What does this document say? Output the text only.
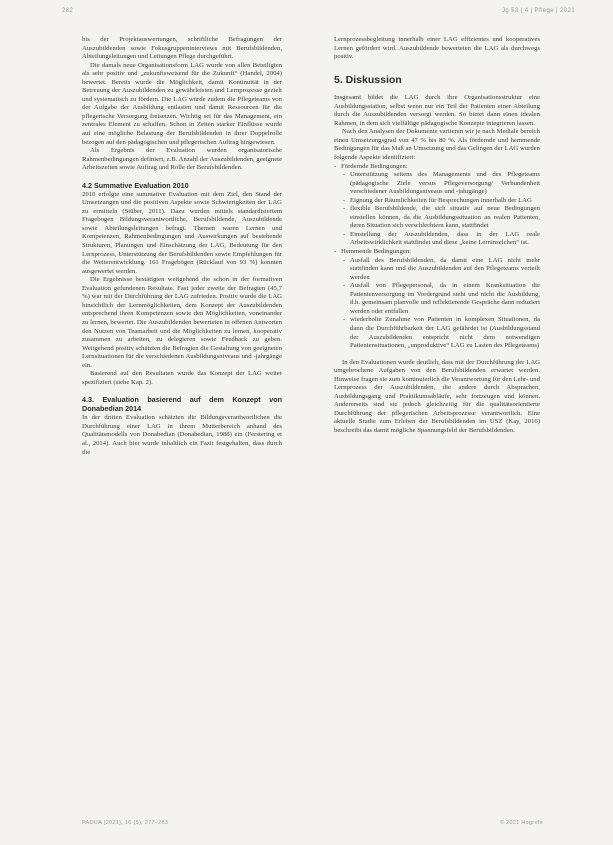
282	Jg 53 | 4 | Pflege | 2021

bis der Projektauswertungen, schriftliche Befragungen der Auszubildenden sowie Fokusgruppeninterviews mit Berufsbildenden, Abteilungsleitungen und Leitungen Pflege durchgeführt.

Die damals neue Organisationsform LAG wurde von allen Beteiligten als sehr positiv und „zukunftsweisend für die Zukunft“ (Handel, 2004) bewertet. Bereits wurde die Möglichkeit, damit Kontinuität in der Betreuung der Auszubildenden zu gewährleisten und Lernprozesse gezielt und systematisch zu fördern. Die LAG würde zudem die Pflegeteams von der Aufgabe der Ausbildung entlasten und damit Ressourcen für die pflegerische Versorgung freisetzen. Wichtig sei für das Management, ein zentrales Element zu schaffen. Schon in Zeiten starker Einflüsse wurde auf eine mögliche Belastung der Berufsbildenden in ihrer Doppelrolle bezogen auf den pädagogischen und pflegerischen Auftrag hingewiesen.

Als Ergebnis der Evaluation wurden organisatorische Rahmenbedingungen definiert, z.B. Anzahl der Auszubildenden, geeignete Arbeitszeiten sowie Auftrag und Rolle der Berufsbildenden.

4.2 Summative Evaluation 2010

2010 erfolgte eine summative Evaluation mit dem Ziel, den Stand der Umsetzungen und die positiven Aspekte sowie Schwierigkeiten der LAG zu ermitteln (Stüber, 2011). Dazu wurden mittels standardisiertem Fragebogen Bildungsverantwortliche, Berufsbildende, Auszubildende sowie Abteilungsleitungen befragt. Themen waren Lernen und Kompetenzen, Rahmenbedingungen und Auswirkungen auf bestehende Strukturen, Planungen und Einschätzung der LAG, Bedeutung für den Lernprozess, Unterstützung der Berufsbildenden sowie Empfehlungen für die Weiterentwicklung. 161 Fragebögen (Rücklauf von 93 %) konnten ausgewertet werden.

Die Ergebnisse bestätigten weitgehend die schon in der formativen Evaluation gefundenen Resultate. Fast jeder zweite der Befragten (45,7 %) war mit der Durchführung der LAG zufrieden. Positiv wurde die LAG hinsichtlich der Lernmöglichkeiten, dem Konzept der Auszubildenden entsprechend ihren Kompetenzen sowie den Möglichkeiten, voneinander zu lernen, bewertet. Die Auszubildenden bewerteten in offenen Antworten den Nutzen von Teamarbeit und die Möglichkeiten zu lernen, kooperativ zusammen zu arbeiten, zu delegieren sowie Feedback zu geben. Weitgehend positiv schätzten die Befragten die Gestaltung von geeigneten Lernsituationen für die verschiedenen Ausbildungsniveaus und -jahrgänge ein.

Basierend auf den Resultaten wurde das Konzept der LAG weiter spezifiziert (siehe Kap. 2).

4.3. Evaluation basierend auf dem Konzept von Donabedian 2014

In der dritten Evaluation schätzten die Bildungsverantwortlichen die Durchführung einer LAG in ihrem Mutterbereich anhand des Qualitätsmodells von Donabedian (Donabedian, 1988) ein (Ferstering et al., 2014). Auch hier wurde inhaltlich ein Fazit festgehalten, dass durch die

Lernprozessbegleitung innerhalb einer LAG effizientes und kooperatives Lernen gefördert wird. Auszubildende bewerteten die LAG als durchwegs positiv.

5. Diskussion

Insgesamt bildet die LAG durch ihre Organisationsstruktur eine Ausbildungsstation, selbst wenn nur ein Teil der Patienten einer Abteilung durch die Auszubildenden versorgt werden. So bietet dann einen idealen Rahmen, in dem sich vielfältige pädagogische Konzepte integrieren lassen.

Nach den Analysen der Dokumente variieren wir je nach Mediale bereich einen Umsetzungsgrad von 47 % bis 80 %. Als fördernde und hemmende Bedingungen für das Maß an Umsetzung und das Gelingen der LAG wurden folgende Aspekte identifiziert:

- Fördernde Bedingungen:
- Unterstützung seitens des Managements und des Pflegeteams (pädagogische Ziele versus Pflegeversorgung/ Verbundenheit verschiedener Ausbildungsniveaus und -jahrgänge)
- Eignung der Räumlichkeiten für Besprechungen innerhalb der LAG
- flexible Berufsbildende, die sich situativ auf neue Bedingungen einstellen können, da die Ausbildungssituation an realen Patienten, deren Situation sich verschlechtern kann, stattfindet
- Einstellung der Auszubildenden, dass in der LAG reale Arbeitswirklichkeit stattfindet und diese „keine Lerninselchen“ ist.
- Hemmende Bedingungen:
- Ausfall des Berufsbildenden, da damit eine LAG nicht mehr stattfinden kann und die Auszubildenden auf den Pflegeteams verteilt werden
- Ausfall von Pflegepersonal, da in einem Kranksituation die Patientenversorgung im Vordergrund steht und nicht die Ausbildung, d.h. gemeinsam planvolle und reflektierende Gespräche dann reduziert werden oder entfallen
- wiederholte Zunahme von Patienten in komplexen Situationen, da dann die Durchführbarkeit der LAG gefährdet ist (Ausbildungsstand der Auszubildenden entspricht nicht dem notwendigen Patientensituationen, „unproduktive“ LAG zu Lasten des Pflegeteams)

In den Evaluationen wurde deutlich, dass mit der Durchführung der LAG umgebrochene Aufgaben von den Berufsbildenden erwartet werden. Hinweise fragen sie zum kontinuierlich die Verantwortung für den Lehr- und Lernprozess der Auszubildenden, die andere durch Absprachen, Ausbildungsgang und Praktikumsabläufe, sehr fortzeugen und können. Andererseits sind sie jedoch gleichzeitig für die qualitätsorientierte Durchführung der pflegerischen Arbeitsprozesse verantwortlich. Eine aktuelle Studie zum Erleben der Berufsbildenden im USZ (Kay, 2016) beschreibt das damit mögliche Spannungsfeld der Berufsbildenden.

PADUA (2021), 16 (5), 277–283	© 2021 Hogrefe
